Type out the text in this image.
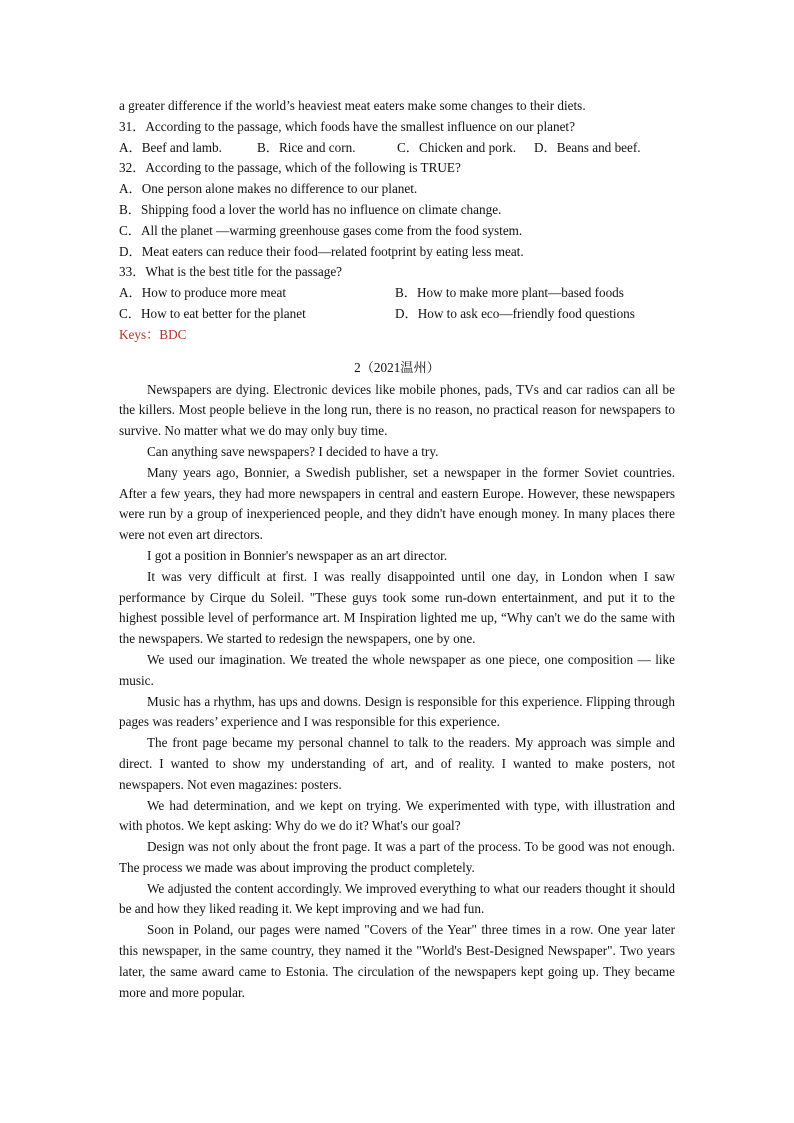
a greater difference if the world’s heaviest meat eaters make some changes to their diets.
31．According to the passage, which foods have the smallest influence on our planet?
A．Beef and lamb.	B．Rice and corn.	C．Chicken and pork. D．Beans and beef.
32．According to the passage, which of the following is TRUE?
A．One person alone makes no difference to our planet.
B．Shipping food a lover the world has no influence on climate change.
C．All the planet —warming greenhouse gases come from the food system.
D．Meat eaters can reduce their food—related footprint by eating less meat.
33．What is the best title for the passage?
A．How to produce more meat	B．How to make more plant—based foods
C．How to eat better for the planet	D．How to ask eco—friendly food questions
Keys：BDC
2（2021温州）
Newspapers are dying. Electronic devices like mobile phones, pads, TVs and car radios can all be the killers. Most people believe in the long run, there is no reason, no practical reason for newspapers to survive. No matter what we do may only buy time.
Can anything save newspapers? I decided to have a try.
Many years ago, Bonnier, a Swedish publisher, set a newspaper in the former Soviet countries. After a few years, they had more newspapers in central and eastern Europe. However, these newspapers were run by a group of inexperienced people, and they didn't have enough money. In many places there were not even art directors.
I got a position in Bonnier's newspaper as an art director.
It was very difficult at first. I was really disappointed until one day, in London when I saw performance by Cirque du Soleil. "These guys took some run-down entertainment, and put it to the highest possible level of performance art. M Inspiration lighted me up, “Why can't we do the same with the newspapers. We started to redesign the newspapers, one by one.
We used our imagination. We treated the whole newspaper as one piece, one composition — like music.
Music has a rhythm, has ups and downs. Design is responsible for this experience. Flipping through pages was readers’ experience and I was responsible for this experience.
The front page became my personal channel to talk to the readers. My approach was simple and direct. I wanted to show my understanding of art, and of reality. I wanted to make posters, not newspapers. Not even magazines: posters.
We had determination, and we kept on trying. We experimented with type, with illustration and with photos. We kept asking: Why do we do it? What's our goal?
Design was not only about the front page. It was a part of the process. To be good was not enough. The process we made was about improving the product completely.
We adjusted the content accordingly. We improved everything to what our readers thought it should be and how they liked reading it. We kept improving and we had fun.
Soon in Poland, our pages were named "Covers of the Year" three times in a row. One year later this newspaper, in the same country, they named it the "World's Best-Designed Newspaper". Two years later, the same award came to Estonia. The circulation of the newspapers kept going up. They became more and more popular.
